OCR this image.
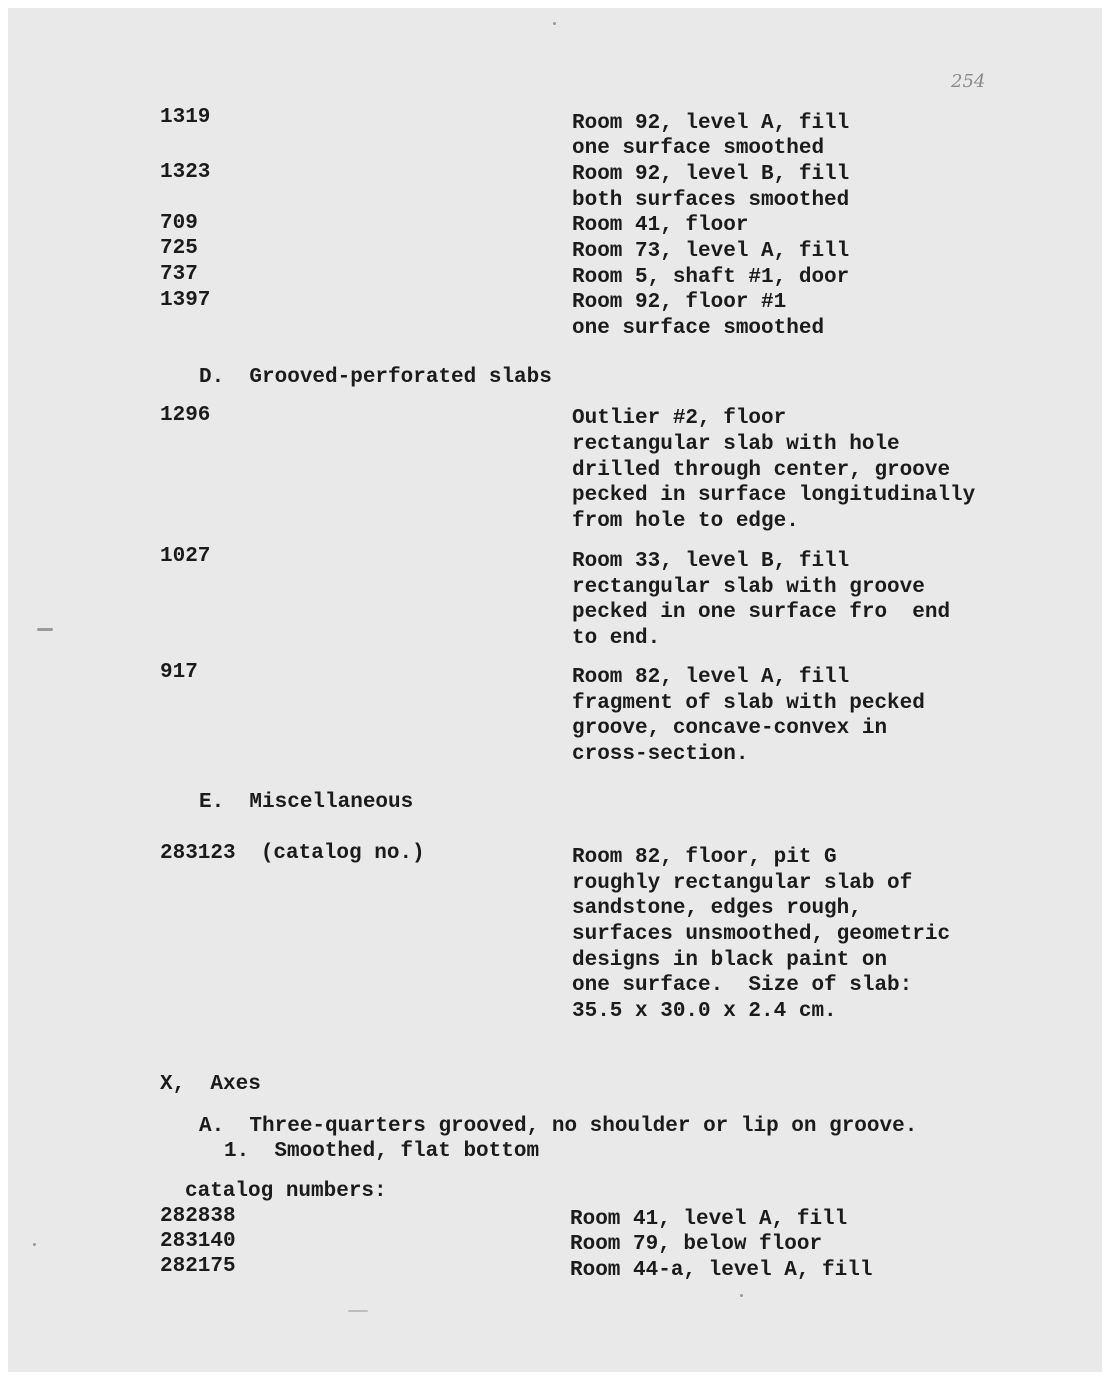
254
1319	Room 92, level A, fill
one surface smoothed
1323	Room 92, level B, fill
both surfaces smoothed
709	Room 41, floor
725	Room 73, level A, fill
737	Room 5, shaft #1, door
1397	Room 92, floor #1
one surface smoothed
D.  Grooved-perforated slabs
1296	Outlier #2, floor
rectangular slab with hole
drilled through center, groove
pecked in surface longitudinally
from hole to edge.
1027	Room 33, level B, fill
rectangular slab with groove
pecked in one surface fro  end
to end.
917	Room 82, level A, fill
fragment of slab with pecked
groove, concave-convex in
cross-section.
E.  Miscellaneous
283123  (catalog no.)	Room 82, floor, pit G
roughly rectangular slab of
sandstone, edges rough,
surfaces unsmoothed, geometric
designs in black paint on
one surface.  Size of slab:
35.5 x 30.0 x 2.4 cm.
X,  Axes
A.  Three-quarters grooved, no shoulder or lip on groove.
1.  Smoothed, flat bottom
catalog numbers:
282838	Room 41, level A, fill
283140	Room 79, below floor
282175	Room 44-a, level A, fill
